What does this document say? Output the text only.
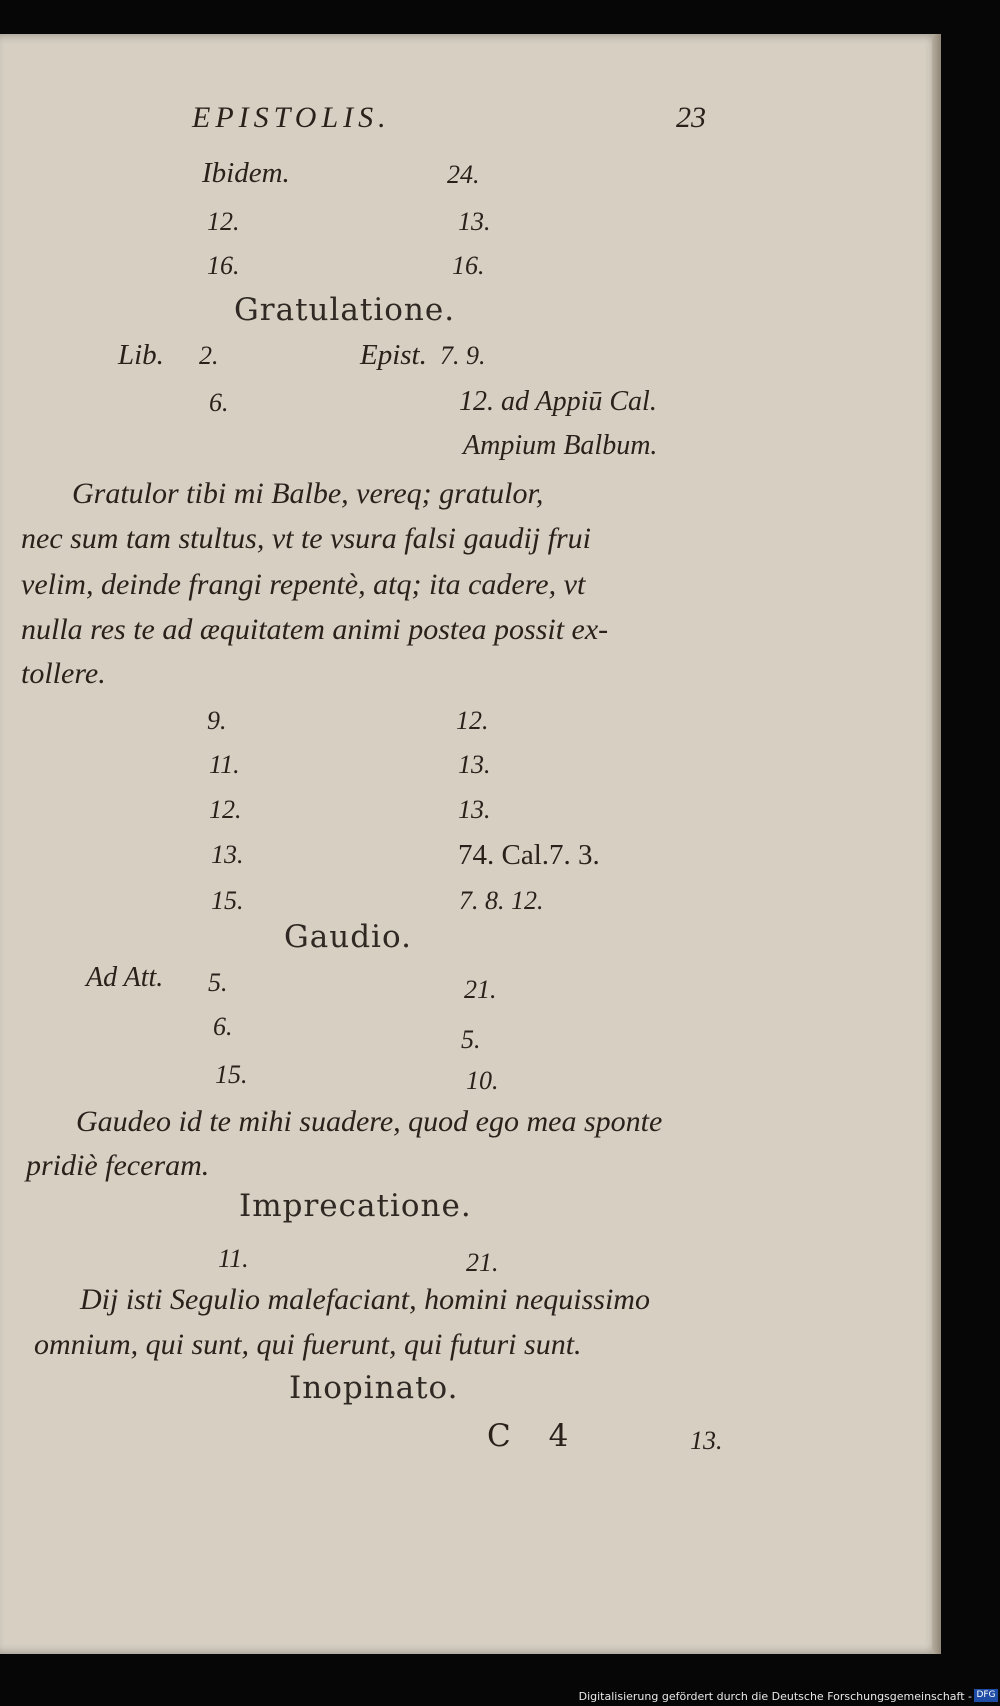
EPISTOLIS.	23
Ibidem.	24.
12.	13.
16.	16.
Gratulatione.
Lib. 2.	Epist. 7. 9.
6.	12. ad Appiū Cal.
Ampium Balbum.
Gratulor tibi mi Balbe, vereq; gratulor,
nec sum tam stultus, vt te vsura falsi gaudij frui
velim, deinde frangi repentè, atq; ita cadere, vt
nulla res te ad æquitatem animi postea possit ex-
tollere.
9.	12.
11.	13.
12.	13.
13.	74. Cal.7. 3.
15.	7. 8. 12.
Gaudio.
Ad Att. 5.	21.
6.	5.
15.	10.
Gaudeo id te mihi suadere, quod ego mea sponte
pridiè feceram.
Imprecatione.
11.	21.
Dij isti Segulio malefaciant, homini nequissimo
omnium, qui sunt, qui fuerunt, qui futuri sunt.
Inopinato.
C 4	13.
Digitalisierung gefördert durch die Deutsche Forschungsgemeinschaft - DFG
